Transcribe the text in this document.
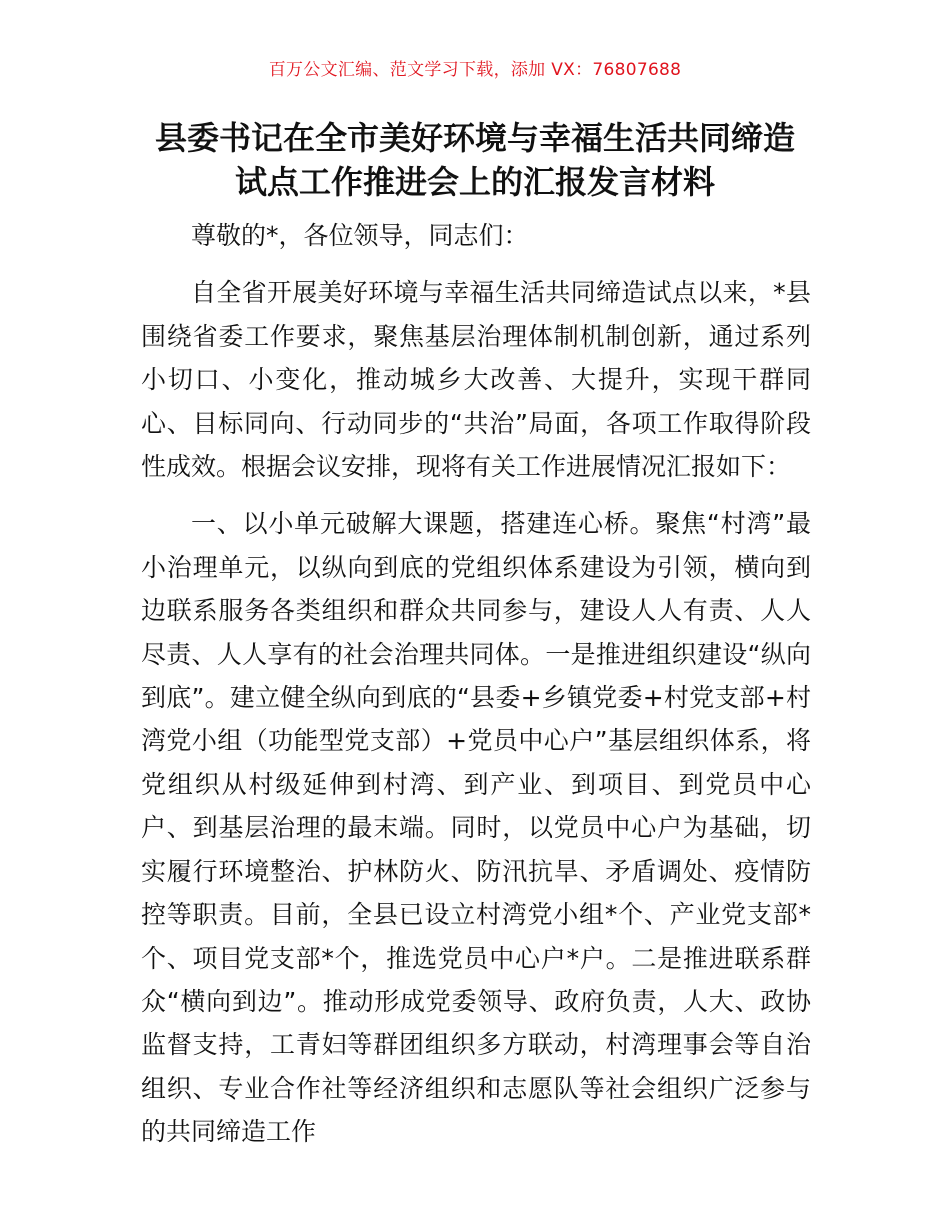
百万公文汇编、范文学习下载，添加 VX：76807688
县委书记在全市美好环境与幸福生活共同缔造
试点工作推进会上的汇报发言材料

尊敬的*，各位领导，同志们：

自全省开展美好环境与幸福生活共同缔造试点以来，*县围绕省委工作要求，聚焦基层治理体制机制创新，通过系列小切口、小变化，推动城乡大改善、大提升，实现干群同心、目标同向、行动同步的“共治”局面，各项工作取得阶段性成效。根据会议安排，现将有关工作进展情况汇报如下：

一、以小单元破解大课题，搭建连心桥。聚焦“村湾”最小治理单元，以纵向到底的党组织体系建设为引领，横向到边联系服务各类组织和群众共同参与，建设人人有责、人人尽责、人人享有的社会治理共同体。一是推进组织建设“纵向到底”。建立健全纵向到底的“县委+乡镇党委+村党支部+村湾党小组（功能型党支部）+党员中心户”基层组织体系，将党组织从村级延伸到村湾、到产业、到项目、到党员中心户、到基层治理的最末端。同时，以党员中心户为基础，切实履行环境整治、护林防火、防汛抗旱、矛盾调处、疫情防控等职责。目前，全县已设立村湾党小组*个、产业党支部*个、项目党支部*个，推选党员中心户*户。二是推进联系群众“横向到边”。推动形成党委领导、政府负责，人大、政协监督支持，工青妇等群团组织多方联动，村湾理事会等自治组织、专业合作社等经济组织和志愿队等社会组织广泛参与的共同缔造工作
